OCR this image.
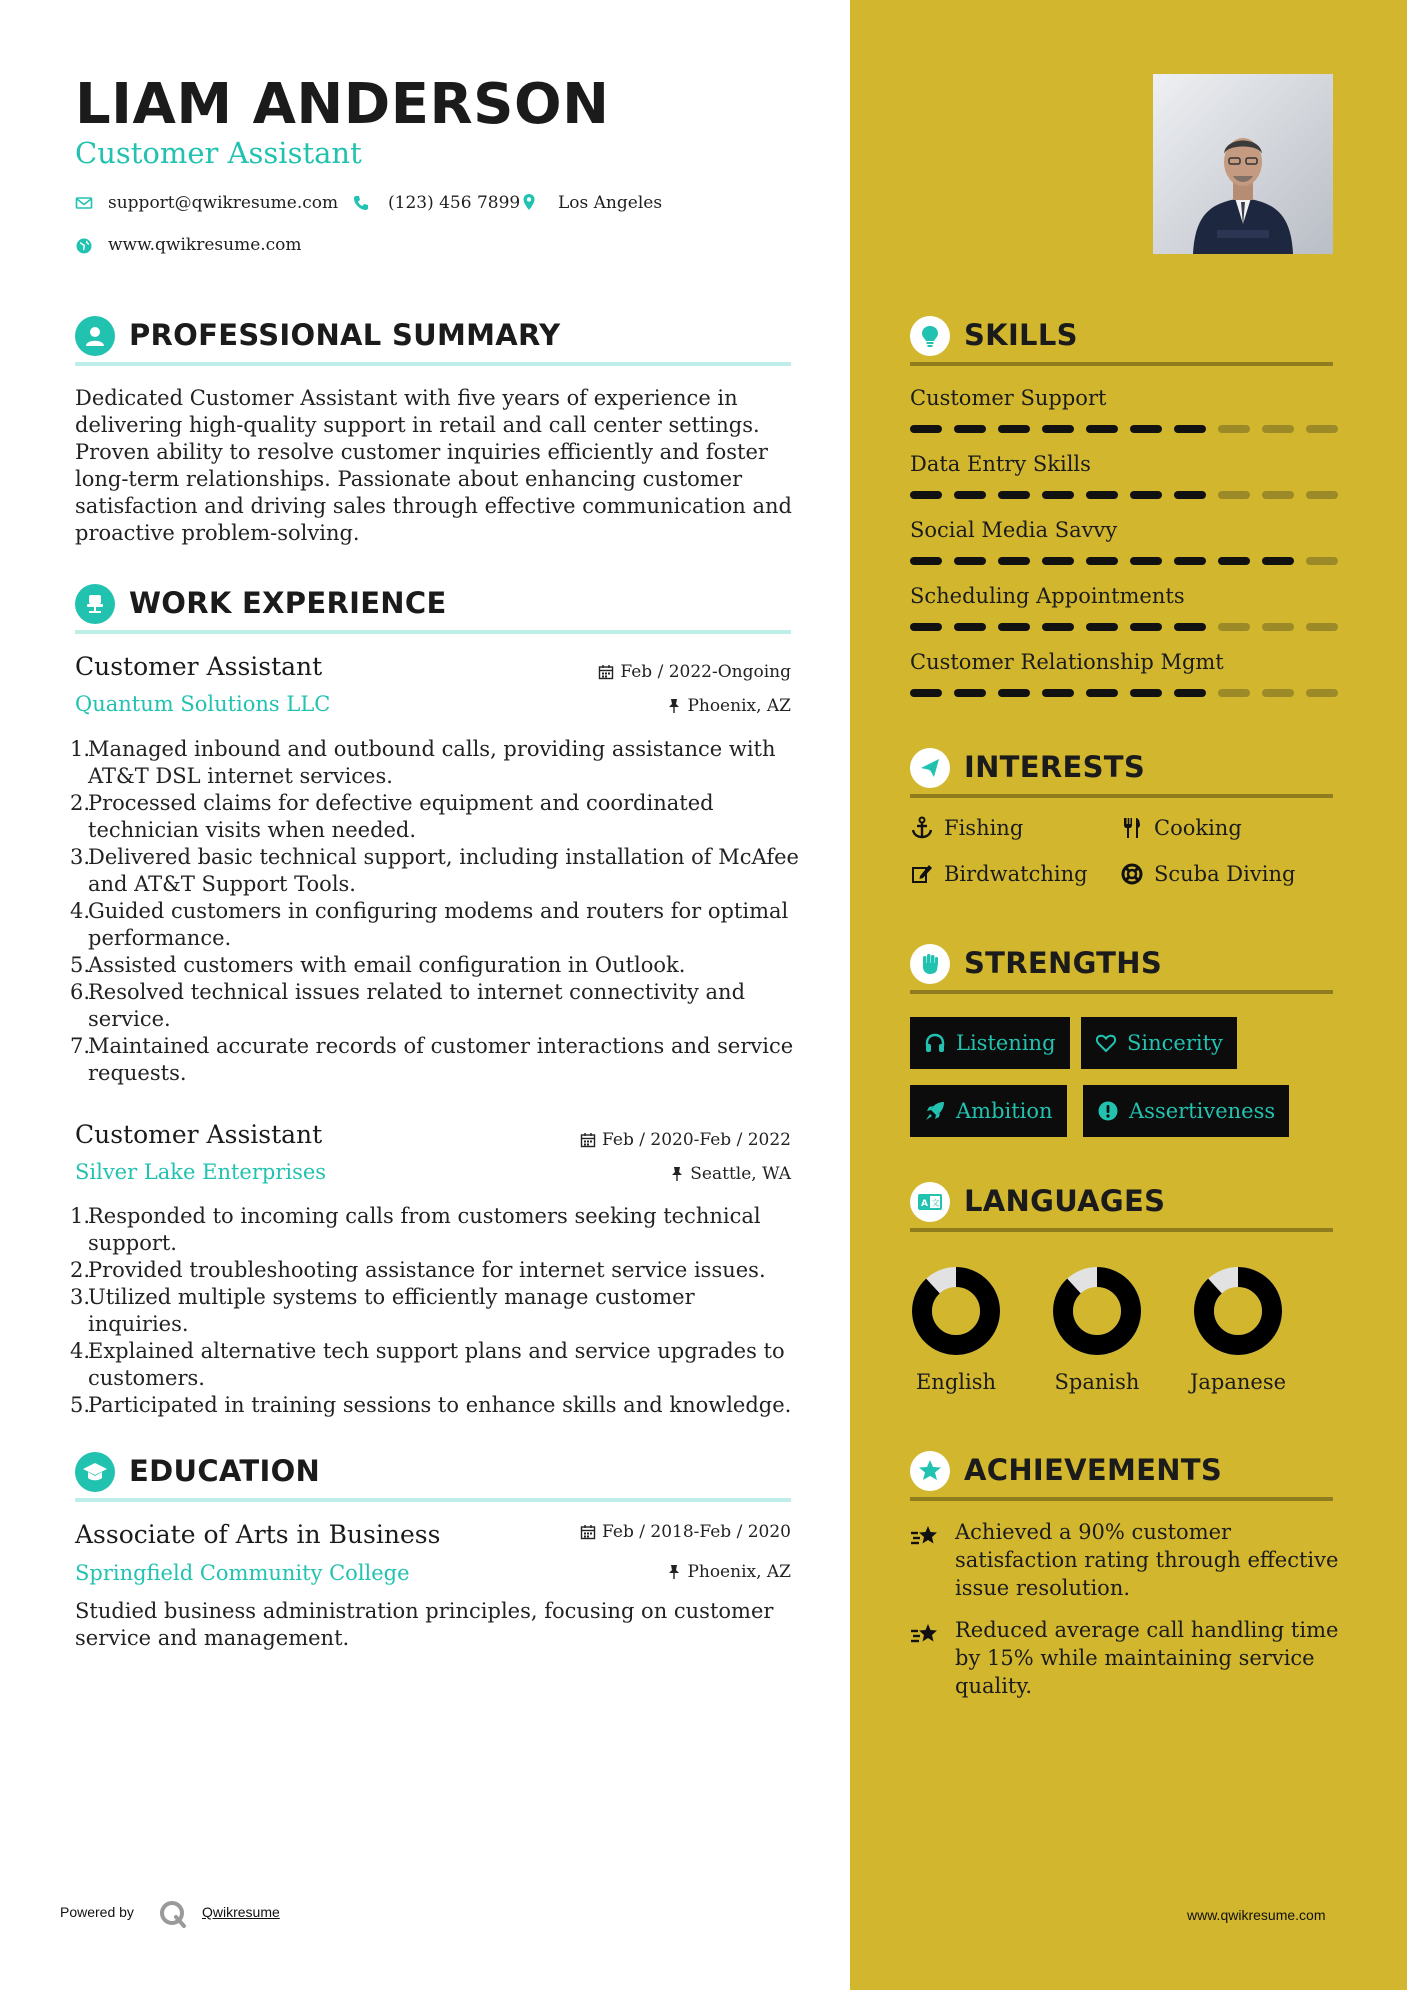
LIAM ANDERSON
Customer Assistant
support@qwikresume.com	(123) 456 7899 Los Angeles
www.qwikresume.com
PROFESSIONAL SUMMARY
Dedicated Customer Assistant with five years of experience in delivering high-quality support in retail and call center settings. Proven ability to resolve customer inquiries efficiently and foster long-term relationships. Passionate about enhancing customer satisfaction and driving sales through effective communication and proactive problem-solving.
WORK EXPERIENCE
Customer Assistant	Feb / 2022-Ongoing
Quantum Solutions LLC	Phoenix, AZ
1.
Managed inbound and outbound calls, providing assistance with AT&T DSL internet services.
2.
Processed claims for defective equipment and coordinated technician visits when needed.
3.
Delivered basic technical support, including installation of McAfee and AT&T Support Tools.
4.
Guided customers in configuring modems and routers for optimal performance.
5.
Assisted customers with email configuration in Outlook.
6.
Resolved technical issues related to internet connectivity and service.
7.
Maintained accurate records of customer interactions and service requests.
Customer Assistant	Feb / 2020-Feb / 2022
Silver Lake Enterprises	Seattle, WA
1.
Responded to incoming calls from customers seeking technical support.
2.
Provided troubleshooting assistance for internet service issues.
3.
Utilized multiple systems to efficiently manage customer inquiries.
4.
Explained alternative tech support plans and service upgrades to customers.
5.
Participated in training sessions to enhance skills and knowledge.
EDUCATION
Associate of Arts in Business	Feb / 2018-Feb / 2020
Springfield Community College	Phoenix, AZ
Studied business administration principles, focusing on customer service and management.
Powered by	Qwikresume
SKILLS
Customer Support
Data Entry Skills
Social Media Savvy
Scheduling Appointments
Customer Relationship Mgmt
INTERESTS
Fishing	Cooking
Birdwatching	Scuba Diving
STRENGTHS
Listening	Sincerity
Ambition	Assertiveness
A 文 LANGUAGES
English	Spanish	Japanese
ACHIEVEMENTS
Achieved a 90% customer satisfaction rating through effective issue resolution.
Reduced average call handling time by 15% while maintaining service quality.
www.qwikresume.com
